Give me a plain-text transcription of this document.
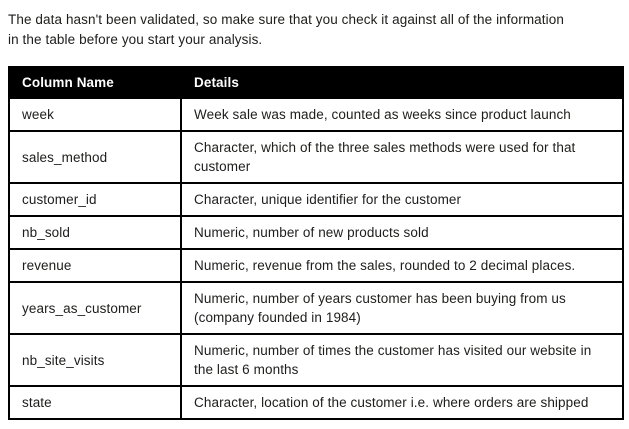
The data hasn't been validated, so make sure that you check it against all of the information
in the table before you start your analysis.

Column Name	Details
week	Week sale was made, counted as weeks since product launch
sales_method	Character, which of the three sales methods were used for that customer
customer_id	Character, unique identifier for the customer
nb_sold	Numeric, number of new products sold
revenue	Numeric, revenue from the sales, rounded to 2 decimal places.
years_as_customer	Numeric, number of years customer has been buying from us (company founded in 1984)
nb_site_visits	Numeric, number of times the customer has visited our website in the last 6 months
state	Character, location of the customer i.e. where orders are shipped
